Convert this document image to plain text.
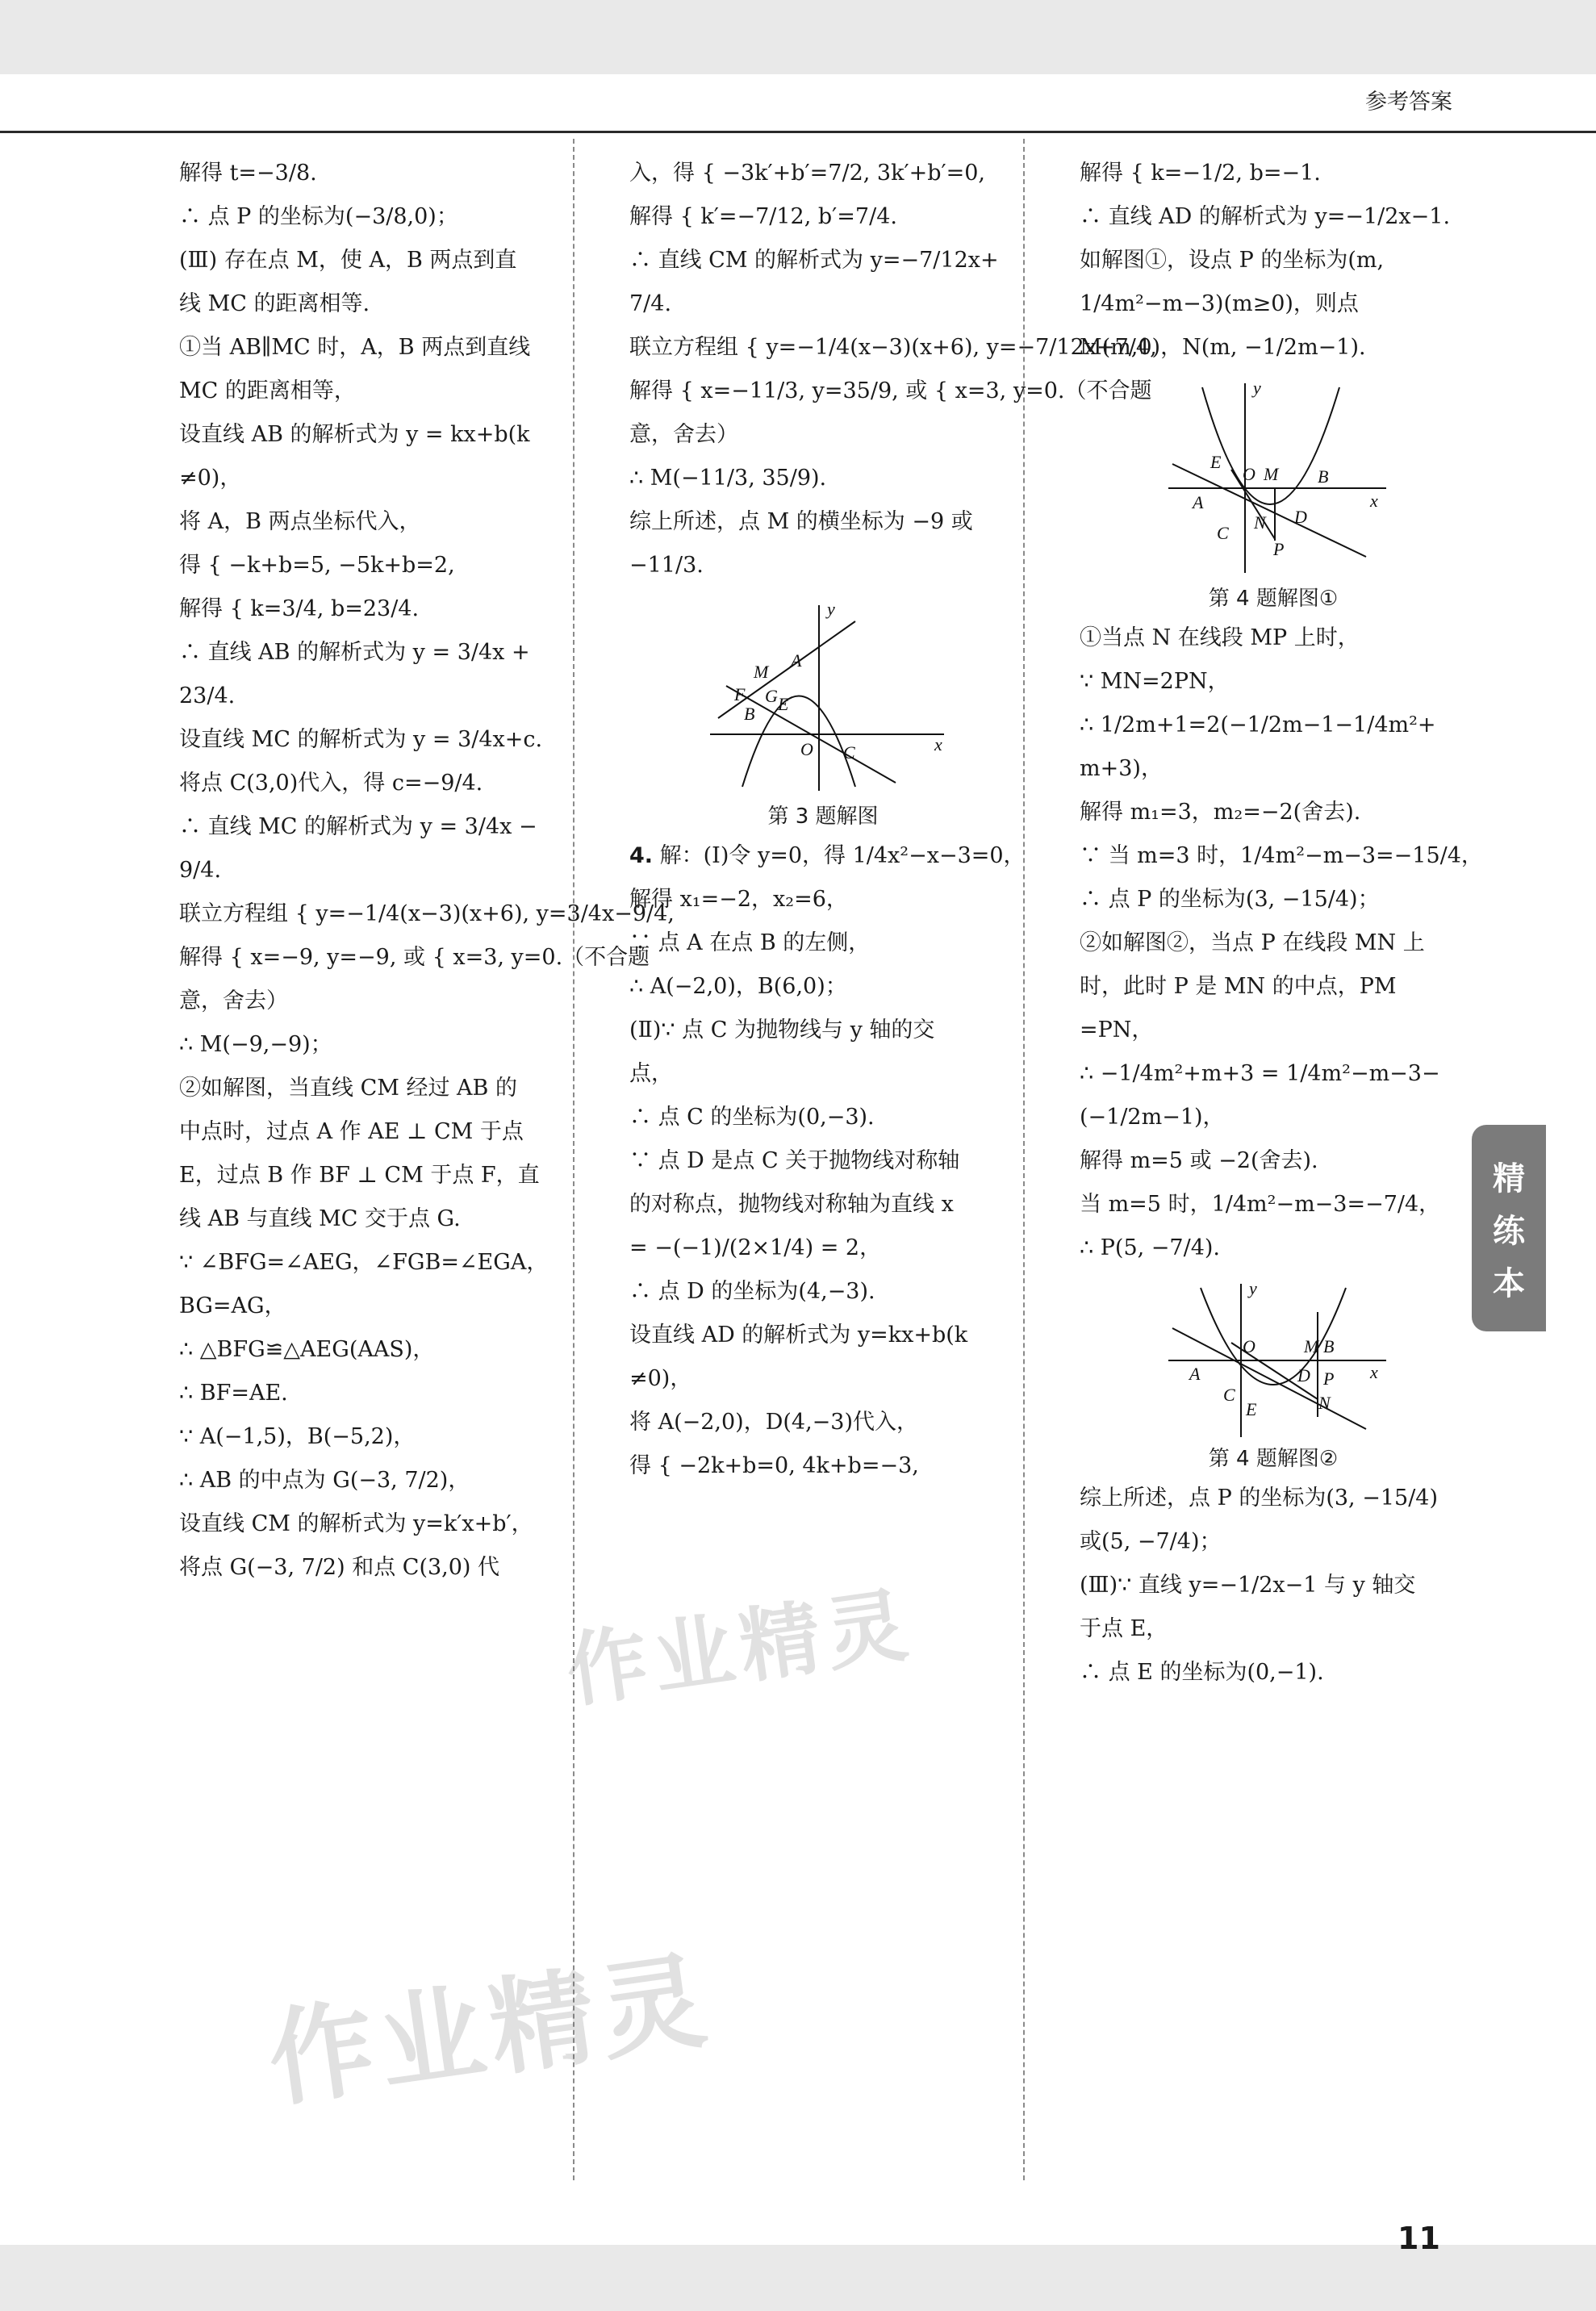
参考答案

解得 t=−3/8.

∴ 点 P 的坐标为(−3/8,0)；

(Ⅲ) 存在点 M，使 A，B 两点到直

线 MC 的距离相等.

①当 AB∥MC 时，A，B 两点到直线

MC 的距离相等，

设直线 AB 的解析式为 y = kx+b(k

≠0)，

将 A，B 两点坐标代入，

得 { −k+b=5, −5k+b=2,

解得 { k=3/4, b=23/4.

∴ 直线 AB 的解析式为 y = 3/4x +

23/4.

设直线 MC 的解析式为 y = 3/4x+c.

将点 C(3,0)代入，得 c=−9/4.

∴ 直线 MC 的解析式为 y = 3/4x −

9/4.

联立方程组 { y=−1/4(x−3)(x+6), y=3/4x−9/4,

解得 { x=−9, y=−9, 或 { x=3, y=0.（不合题

意，舍去）

∴ M(−9,−9)；

②如解图，当直线 CM 经过 AB 的

中点时，过点 A 作 AE ⊥ CM 于点

E，过点 B 作 BF ⊥ CM 于点 F，直

线 AB 与直线 MC 交于点 G.

∵ ∠BFG=∠AEG，∠FGB=∠EGA，

BG=AG，

∴ △BFG≌△AEG(AAS)，

∴ BF=AE.

∵ A(−1,5)，B(−5,2)，

∴ AB 的中点为 G(−3, 7/2)，

设直线 CM 的解析式为 y=k′x+b′，

将点 G(−3, 7/2) 和点 C(3,0) 代

入，得 { −3k′+b′=7/2, 3k′+b′=0,

解得 { k′=−7/12, b′=7/4.

∴ 直线 CM 的解析式为 y=−7/12x+

7/4.

联立方程组 { y=−1/4(x−3)(x+6), y=−7/12x+7/4,

解得 { x=−11/3, y=35/9, 或 { x=3, y=0.（不合题

意，舍去）

∴ M(−11/3, 35/9).

综上所述，点 M 的横坐标为 −9 或

−11/3.

y
x
M
A
F G
B E
O C
第 3 题解图

4. 解：(Ⅰ)令 y=0，得 1/4x²−x−3=0，

解得 x₁=−2，x₂=6，

∵ 点 A 在点 B 的左侧，

∴ A(−2,0)，B(6,0)；

(Ⅱ)∵ 点 C 为抛物线与 y 轴的交

点，

∴ 点 C 的坐标为(0,−3).

∵ 点 D 是点 C 关于抛物线对称轴

的对称点，抛物线对称轴为直线 x

= −(−1)/(2×1/4) = 2，

∴ 点 D 的坐标为(4,−3).

设直线 AD 的解析式为 y=kx+b(k

≠0)，

将 A(−2,0)，D(4,−3)代入，

得 { −2k+b=0, 4k+b=−3,

解得 { k=−1/2, b=−1.

∴ 直线 AD 的解析式为 y=−1/2x−1.

如解图①，设点 P 的坐标为(m,

1/4m²−m−3)(m≥0)，则点

M(m,0)，N(m, −1/2m−1).

y
x
E
O M
A
B
C
N D
P
第 4 题解图①

①当点 N 在线段 MP 上时，

∵ MN=2PN，

∴ 1/2m+1=2(−1/2m−1−1/4m²+

m+3)，

解得 m₁=3，m₂=−2(舍去).

∵ 当 m=3 时，1/4m²−m−3=−15/4，

∴ 点 P 的坐标为(3, −15/4)；

②如解图②，当点 P 在线段 MN 上

时，此时 P 是 MN 的中点，PM

=PN，

∴ −1/4m²+m+3 = 1/4m²−m−3−

(−1/2m−1)，

解得 m=5 或 −2(舍去).

当 m=5 时，1/4m²−m−3=−7/4，

∴ P(5, −7/4).

y
x
O	M B
A	D P
C
E	N
第 4 题解图②

综上所述，点 P 的坐标为(3, −15/4)

或(5, −7/4)；

(Ⅲ)∵ 直线 y=−1/2x−1 与 y 轴交

于点 E，

∴ 点 E 的坐标为(0,−1).

精
练
本
11
作业精灵
作业精灵
